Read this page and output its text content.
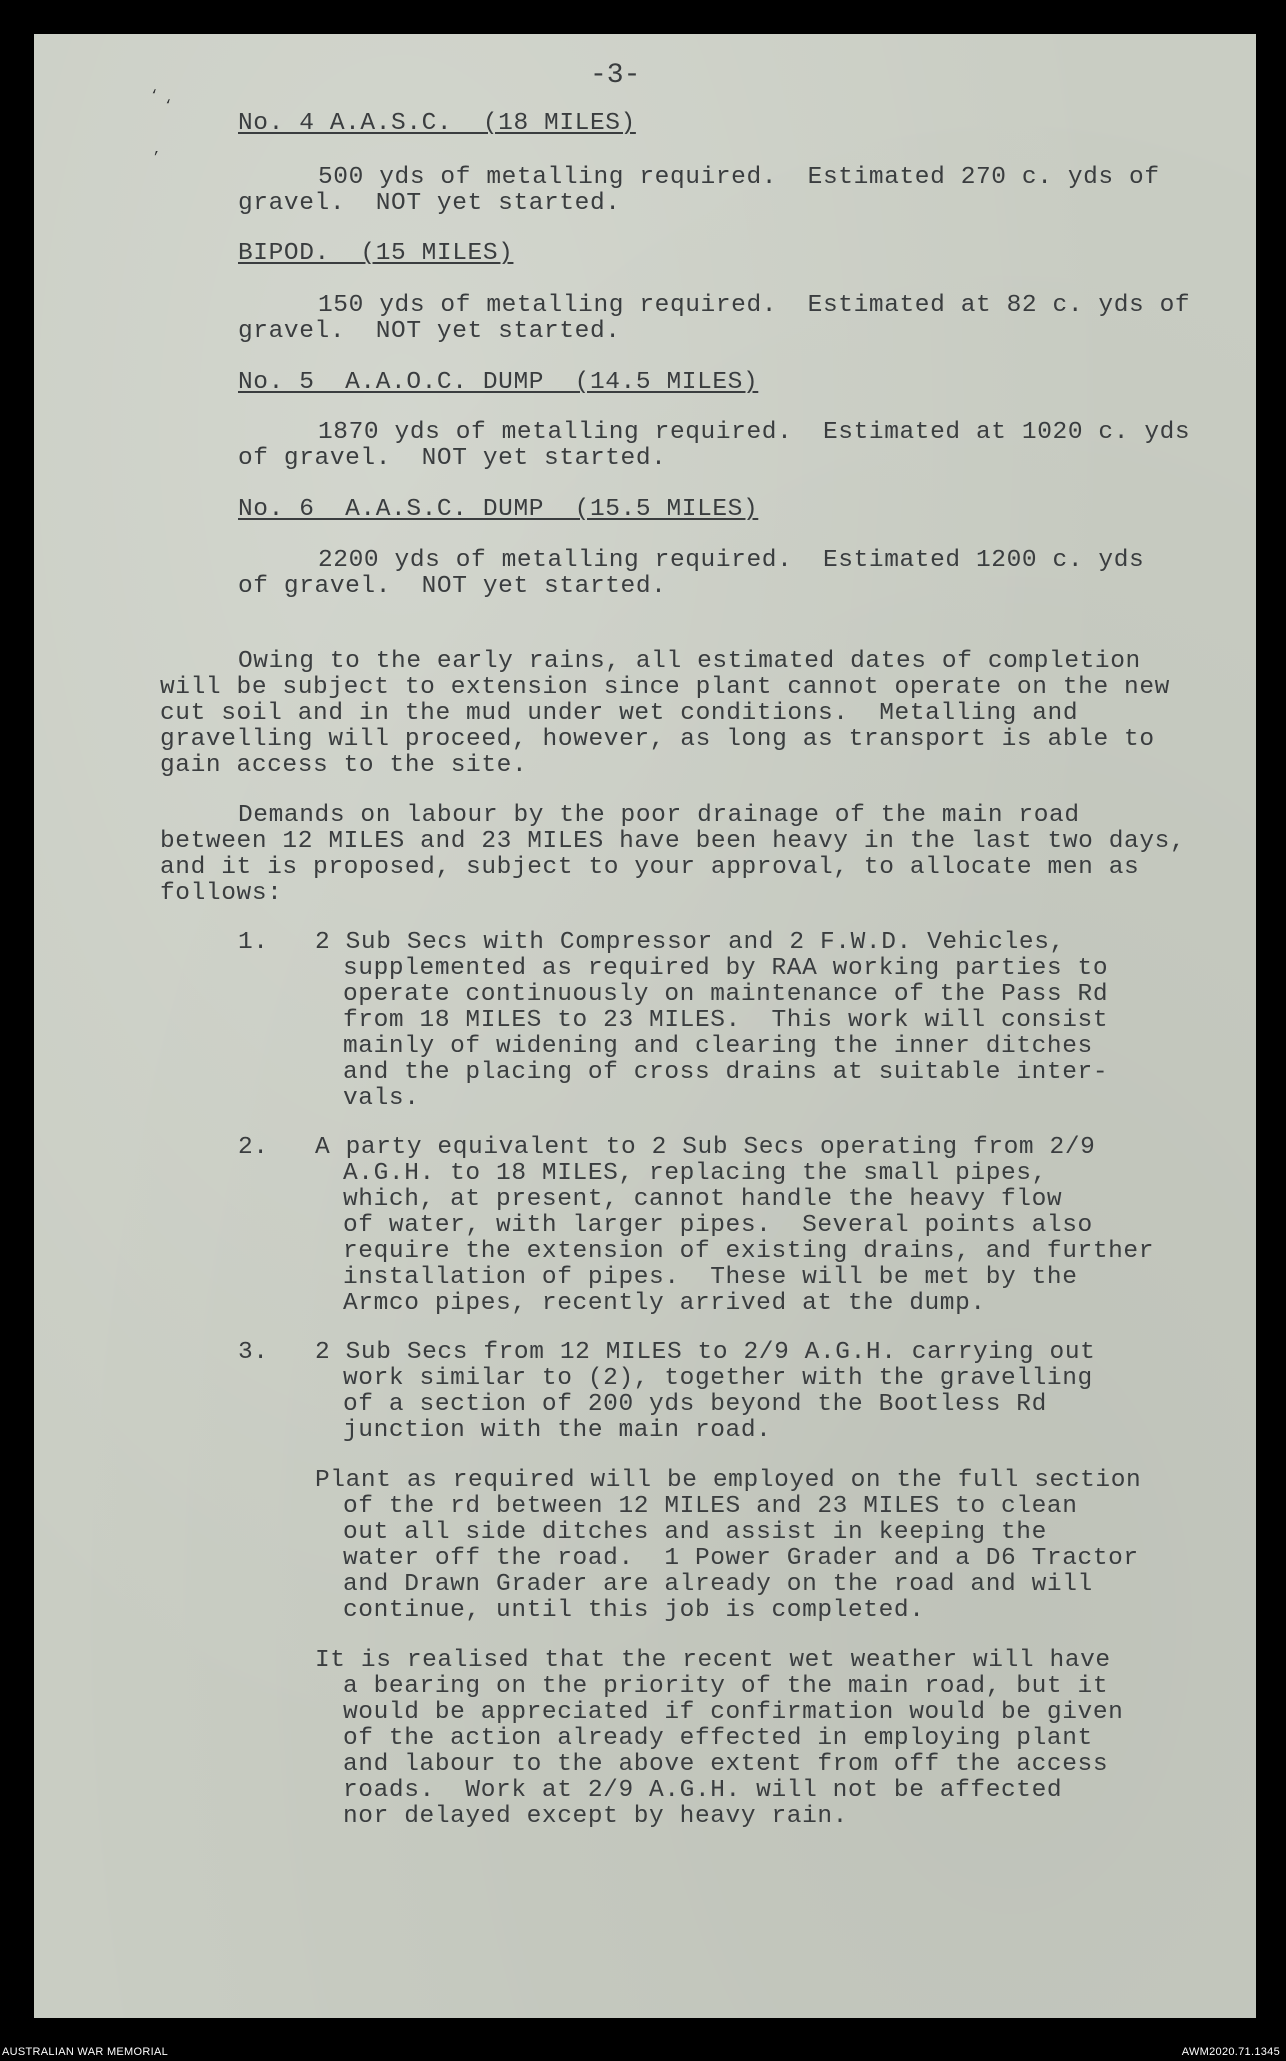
-3-
No. 4 A.A.S.C.  (18 MILES)
500 yds of metalling required.  Estimated 270 c. yds of
gravel.  NOT yet started.
BIPOD.  (15 MILES)
150 yds of metalling required.  Estimated at 82 c. yds of
gravel.  NOT yet started.
No. 5  A.A.O.C. DUMP  (14.5 MILES)
1870 yds of metalling required.  Estimated at 1020 c. yds
of gravel.  NOT yet started.
No. 6  A.A.S.C. DUMP  (15.5 MILES)
2200 yds of metalling required.  Estimated 1200 c. yds
of gravel.  NOT yet started.
Owing to the early rains, all estimated dates of completion
will be subject to extension since plant cannot operate on the new
cut soil and in the mud under wet conditions.  Metalling and
gravelling will proceed, however, as long as transport is able to
gain access to the site.
Demands on labour by the poor drainage of the main road
between 12 MILES and 23 MILES have been heavy in the last two days,
and it is proposed, subject to your approval, to allocate men as
follows:
1. 2 Sub Secs with Compressor and 2 F.W.D. Vehicles,
supplemented as required by RAA working parties to
operate continuously on maintenance of the Pass Rd
from 18 MILES to 23 MILES.  This work will consist
mainly of widening and clearing the inner ditches
and the placing of cross drains at suitable inter-
vals.
2. A party equivalent to 2 Sub Secs operating from 2/9
A.G.H. to 18 MILES, replacing the small pipes,
which, at present, cannot handle the heavy flow
of water, with larger pipes.  Several points also
require the extension of existing drains, and further
installation of pipes.  These will be met by the
Armco pipes, recently arrived at the dump.
3. 2 Sub Secs from 12 MILES to 2/9 A.G.H. carrying out
work similar to (2), together with the gravelling
of a section of 200 yds beyond the Bootless Rd
junction with the main road.
Plant as required will be employed on the full section
of the rd between 12 MILES and 23 MILES to clean
out all side ditches and assist in keeping the
water off the road.  1 Power Grader and a D6 Tractor
and Drawn Grader are already on the road and will
continue, until this job is completed.
It is realised that the recent wet weather will have
a bearing on the priority of the main road, but it
would be appreciated if confirmation would be given
of the action already effected in employing plant
and labour to the above extent from off the access
roads.  Work at 2/9 A.G.H. will not be affected
nor delayed except by heavy rain.
‘
‘
’
AUSTRALIAN WAR MEMORIAL	AWM2020.71.1345
